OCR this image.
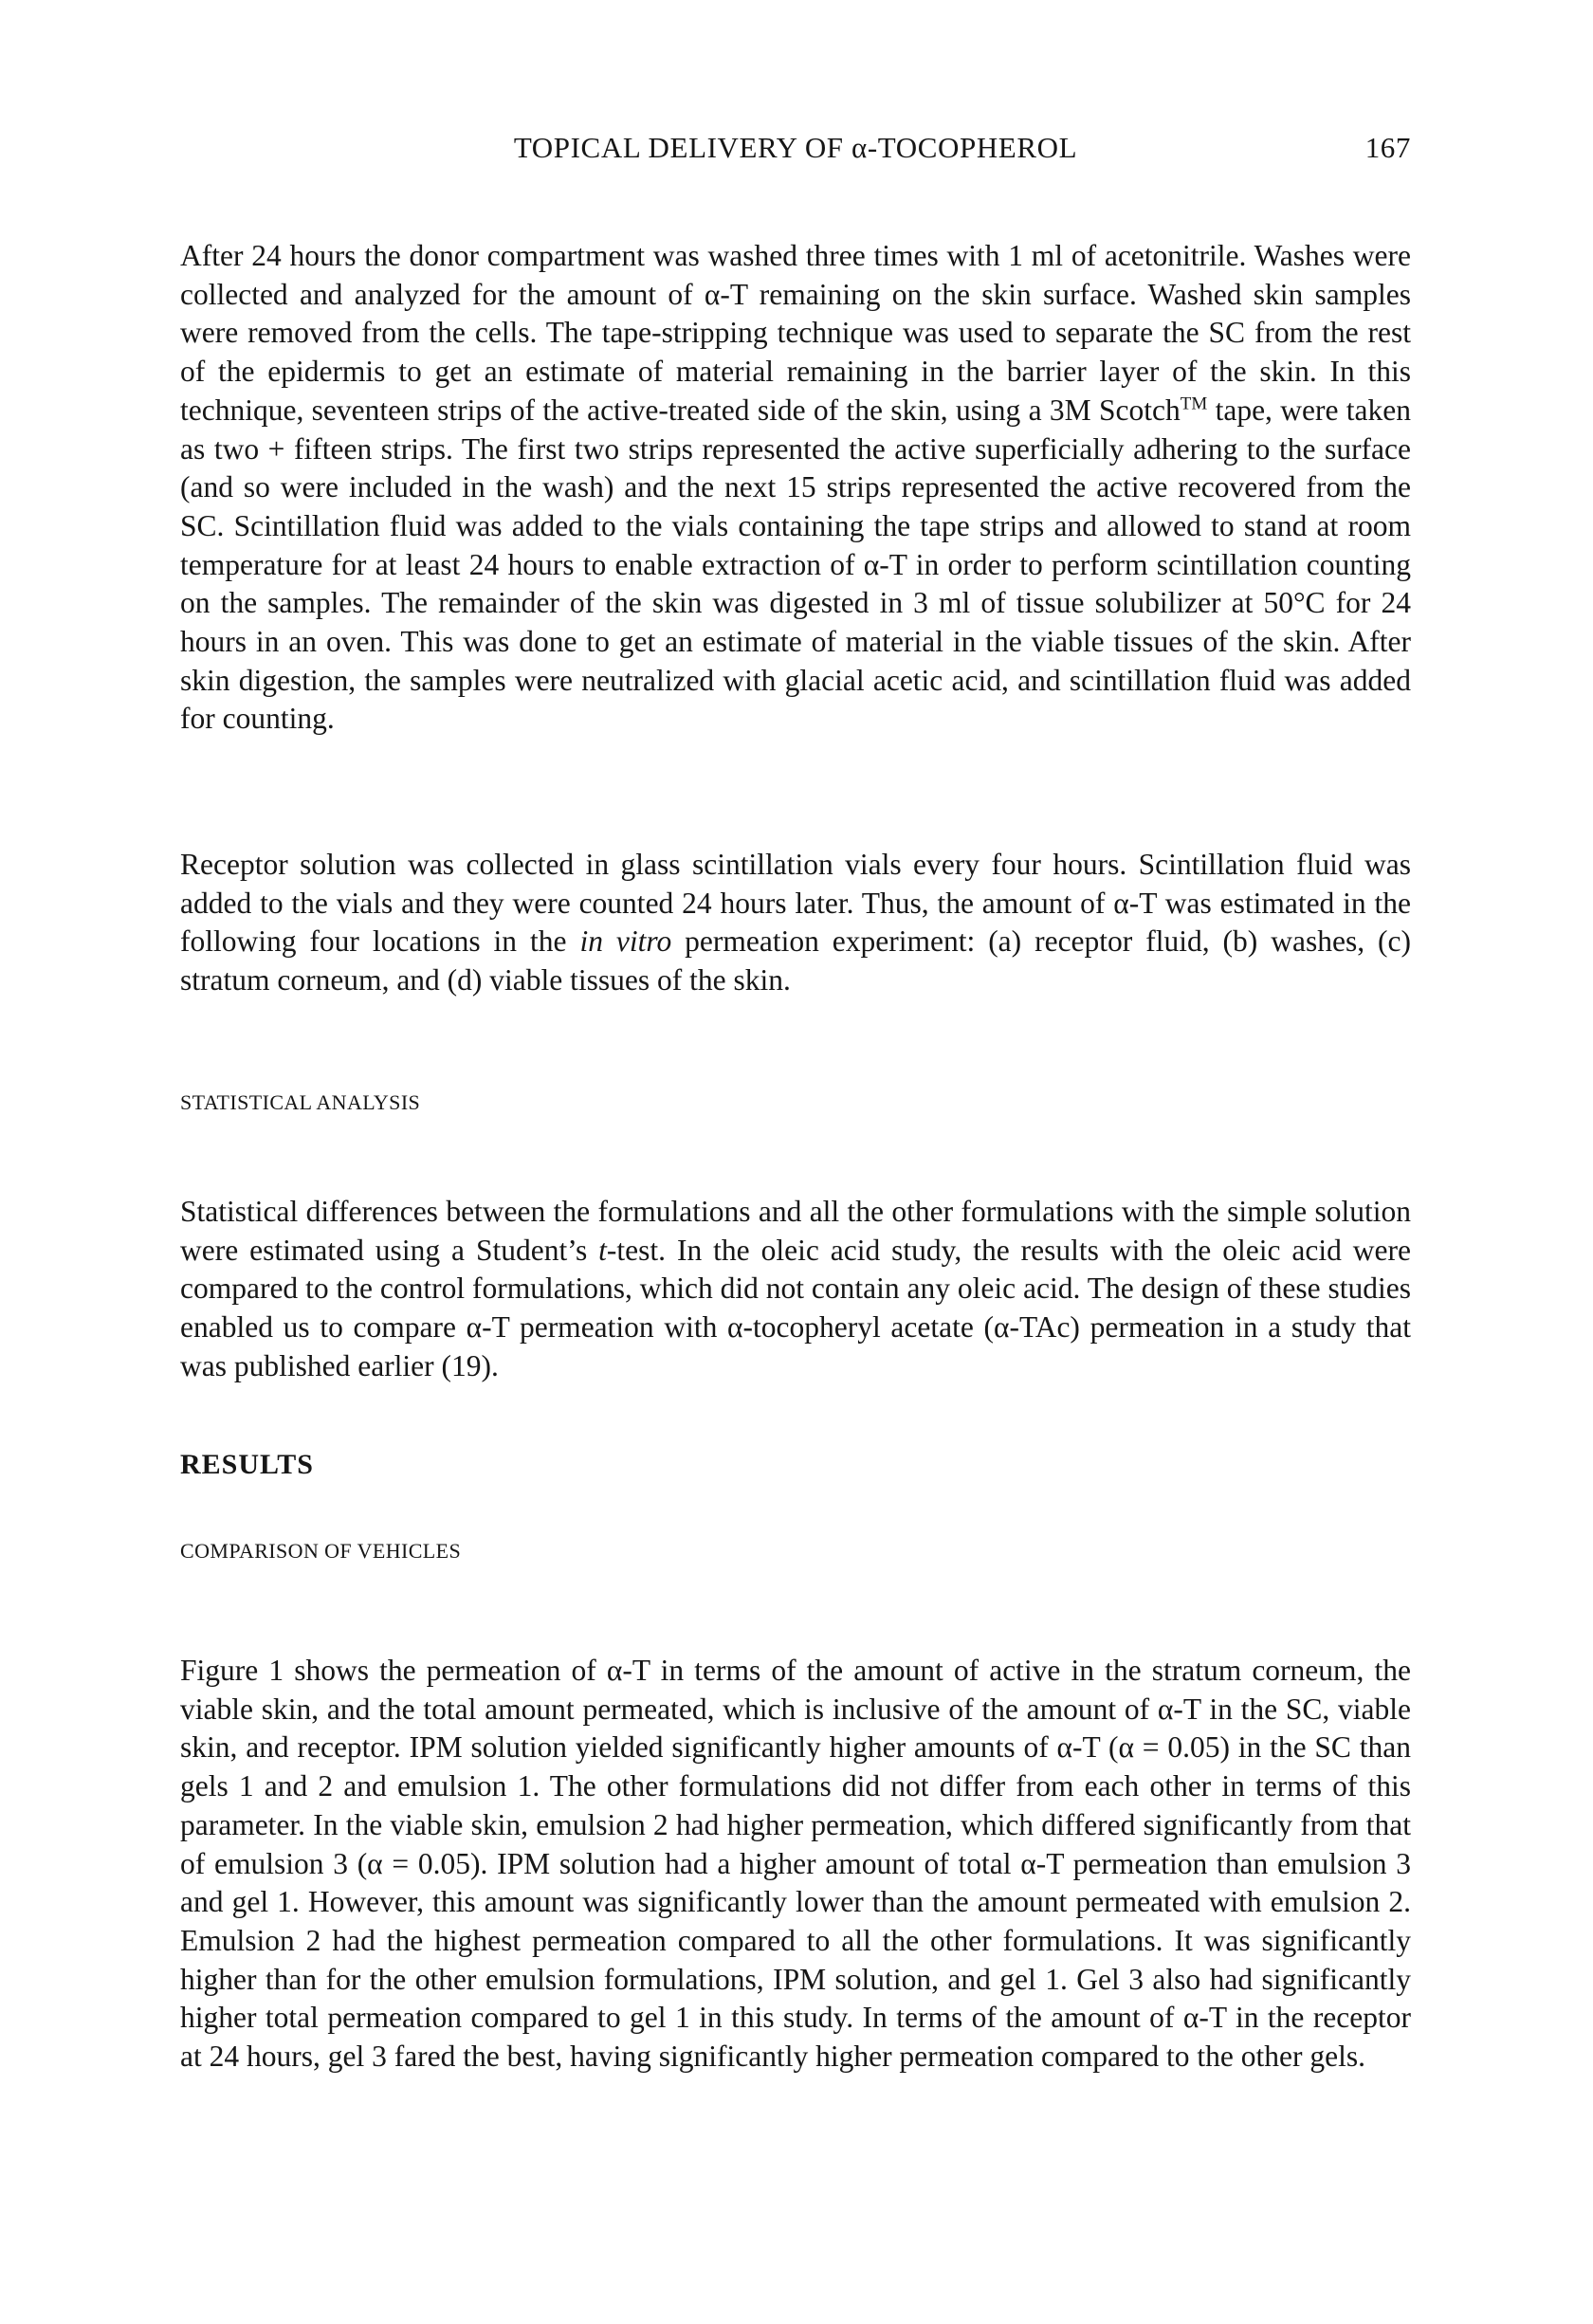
TOPICAL DELIVERY OF α-TOCOPHEROL	167

After 24 hours the donor compartment was washed three times with 1 ml of acetonitrile. Washes were collected and analyzed for the amount of α-T remaining on the skin surface. Washed skin samples were removed from the cells. The tape-stripping technique was used to separate the SC from the rest of the epidermis to get an estimate of material remaining in the barrier layer of the skin. In this technique, seventeen strips of the active-treated side of the skin, using a 3M Scotch™ tape, were taken as two + fifteen strips. The first two strips represented the active superficially adhering to the surface (and so were included in the wash) and the next 15 strips represented the active recovered from the SC. Scintillation fluid was added to the vials containing the tape strips and allowed to stand at room temperature for at least 24 hours to enable extraction of α-T in order to perform scintillation counting on the samples. The remainder of the skin was digested in 3 ml of tissue solubilizer at 50°C for 24 hours in an oven. This was done to get an estimate of material in the viable tissues of the skin. After skin digestion, the samples were neutralized with glacial acetic acid, and scintillation fluid was added for counting.

Receptor solution was collected in glass scintillation vials every four hours. Scintillation fluid was added to the vials and they were counted 24 hours later. Thus, the amount of α-T was estimated in the following four locations in the in vitro permeation experiment: (a) receptor fluid, (b) washes, (c) stratum corneum, and (d) viable tissues of the skin.

STATISTICAL ANALYSIS

Statistical differences between the formulations and all the other formulations with the simple solution were estimated using a Student’s t-test. In the oleic acid study, the results with the oleic acid were compared to the control formulations, which did not contain any oleic acid. The design of these studies enabled us to compare α-T permeation with α-tocopheryl acetate (α-TAc) permeation in a study that was published earlier (19).

RESULTS
COMPARISON OF VEHICLES

Figure 1 shows the permeation of α-T in terms of the amount of active in the stratum corneum, the viable skin, and the total amount permeated, which is inclusive of the amount of α-T in the SC, viable skin, and receptor. IPM solution yielded significantly higher amounts of α-T (α = 0.05) in the SC than gels 1 and 2 and emulsion 1. The other formulations did not differ from each other in terms of this parameter. In the viable skin, emulsion 2 had higher permeation, which differed significantly from that of emulsion 3 (α = 0.05). IPM solution had a higher amount of total α-T permeation than emulsion 3 and gel 1. However, this amount was significantly lower than the amount permeated with emulsion 2. Emulsion 2 had the highest permeation compared to all the other formulations. It was significantly higher than for the other emulsion formulations, IPM solution, and gel 1. Gel 3 also had significantly higher total permeation compared to gel 1 in this study. In terms of the amount of α-T in the receptor at 24 hours, gel 3 fared the best, having significantly higher permeation compared to the other gels.
